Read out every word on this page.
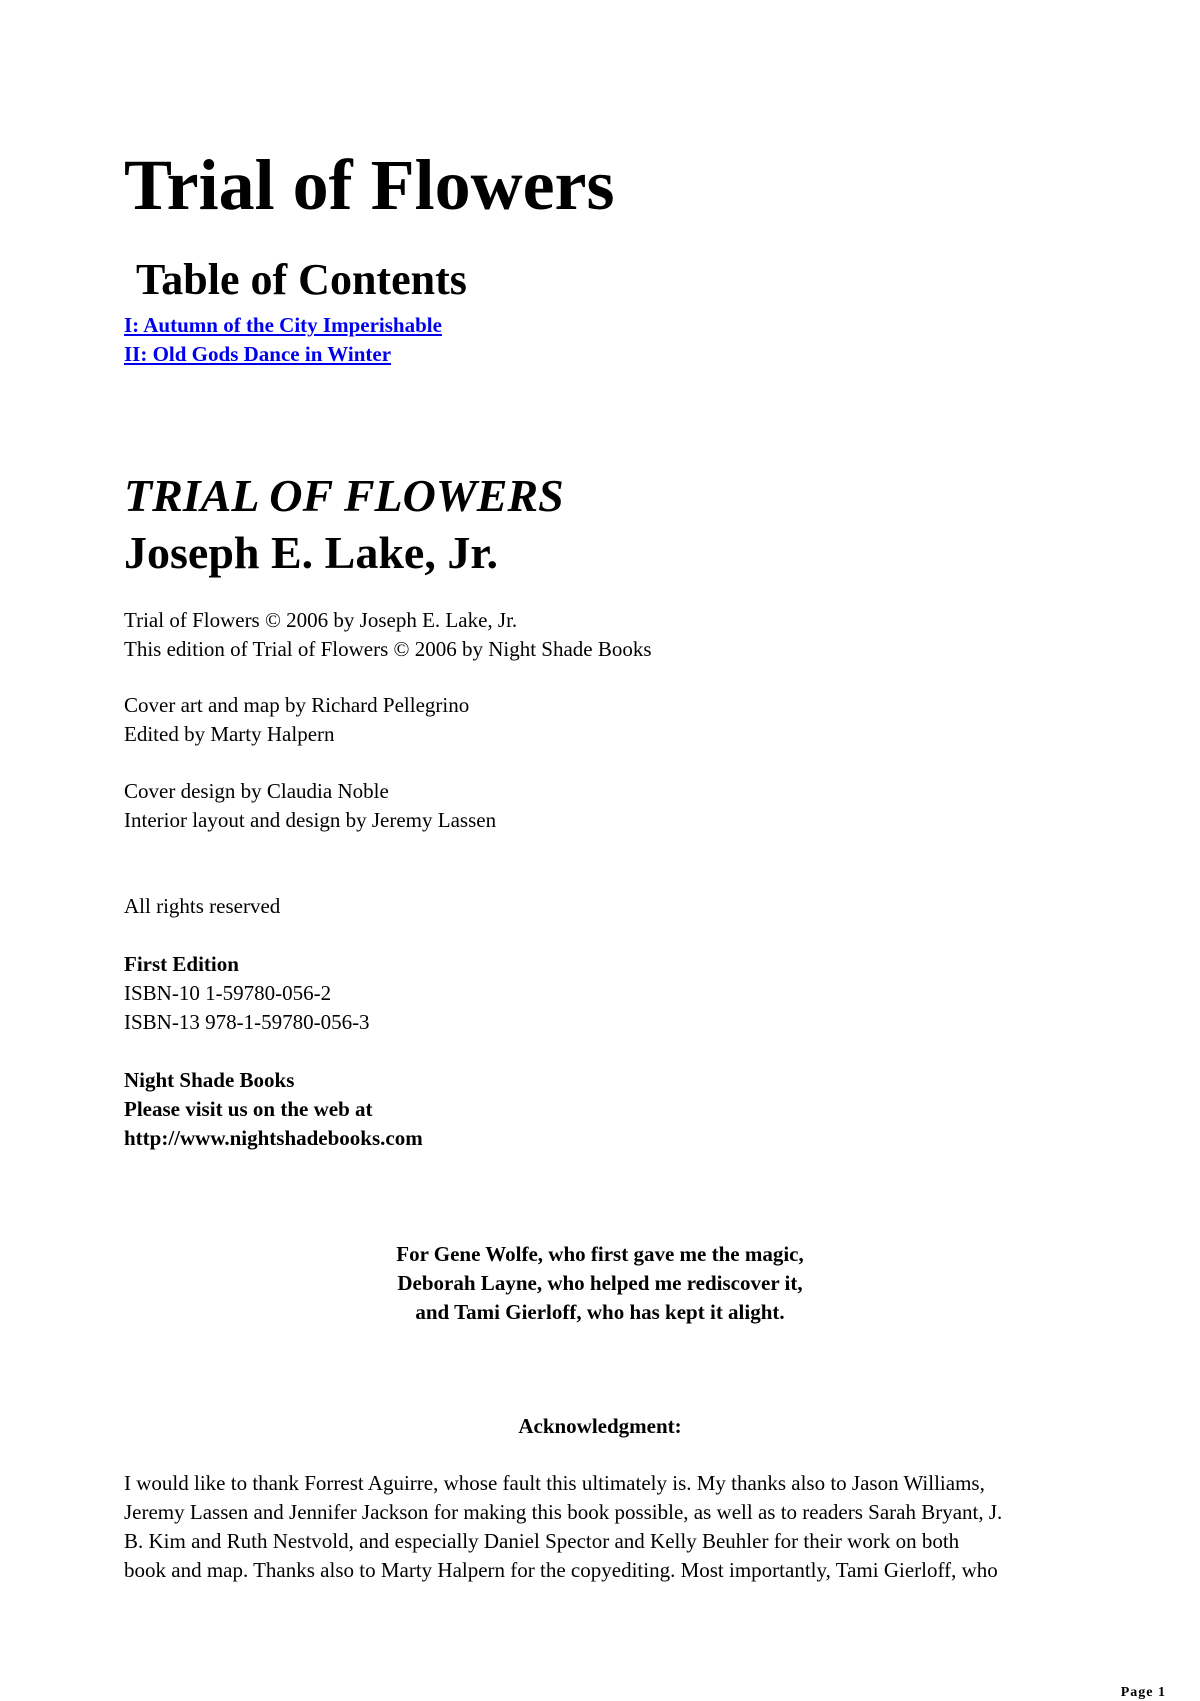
Trial of Flowers
Table of Contents
I: Autumn of the City Imperishable
II: Old Gods Dance in Winter
TRIAL OF FLOWERS
Joseph E. Lake, Jr.
Trial of Flowers © 2006 by Joseph E. Lake, Jr.
This edition of Trial of Flowers © 2006 by Night Shade Books
Cover art and map by Richard Pellegrino
Edited by Marty Halpern
Cover design by Claudia Noble
Interior layout and design by Jeremy Lassen
All rights reserved
First Edition
ISBN-10 1-59780-056-2
ISBN-13 978-1-59780-056-3
Night Shade Books
Please visit us on the web at
http://www.nightshadebooks.com
For Gene Wolfe, who first gave me the magic,
Deborah Layne, who helped me rediscover it,
and Tami Gierloff, who has kept it alight.
Acknowledgment:
I would like to thank Forrest Aguirre, whose fault this ultimately is. My thanks also to Jason Williams,
Jeremy Lassen and Jennifer Jackson for making this book possible, as well as to readers Sarah Bryant, J.
B. Kim and Ruth Nestvold, and especially Daniel Spector and Kelly Beuhler for their work on both
book and map. Thanks also to Marty Halpern for the copyediting. Most importantly, Tami Gierloff, who
Page 1
